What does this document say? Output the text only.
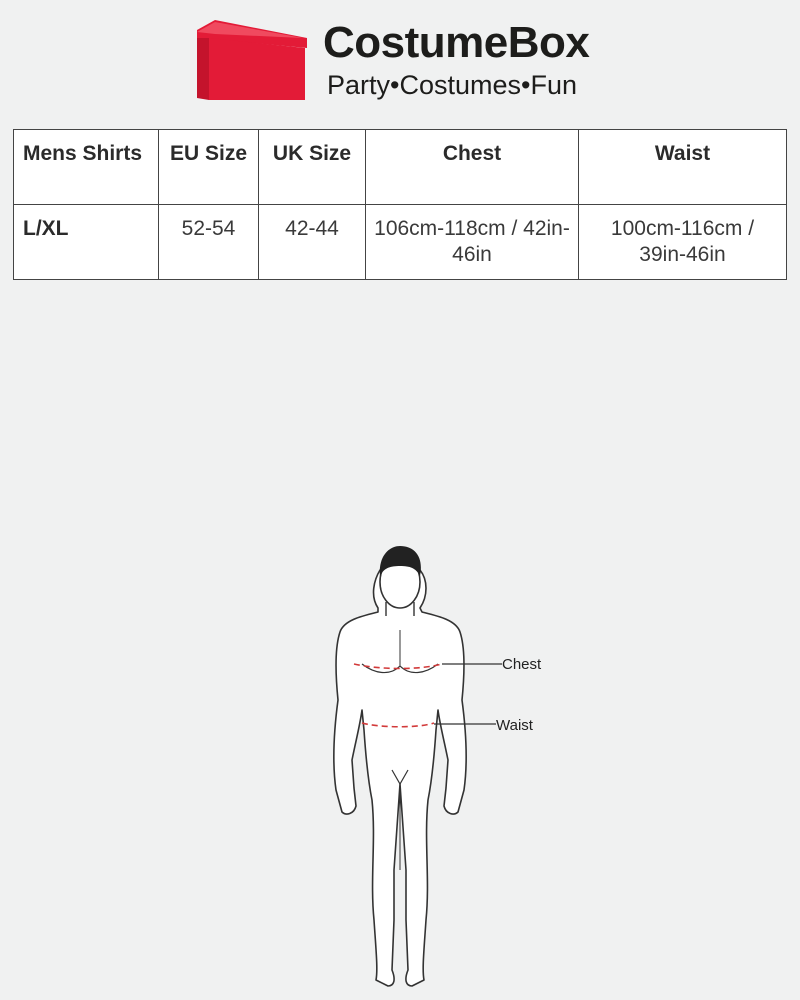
CostumeBox
Party•Costumes•Fun
Mens Shirts	EU Size	UK Size	Chest	Waist
L/XL	52-54	42-44	106cm-118cm / 42in-46in	100cm-116cm / 39in-46in
Chest
Waist
